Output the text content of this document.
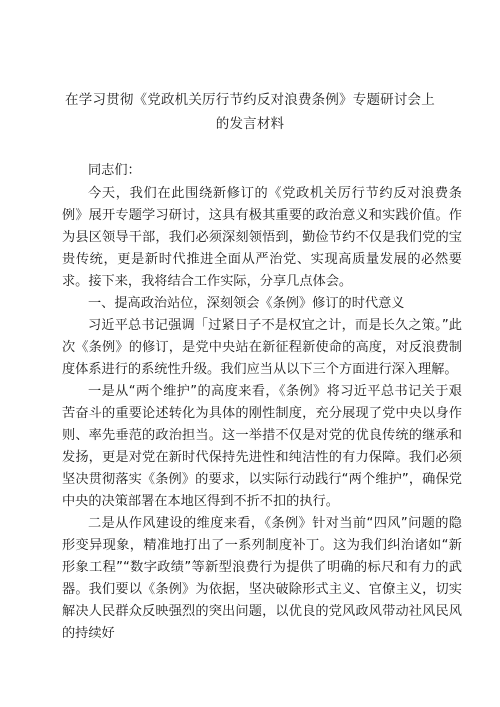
在学习贯彻《党政机关厉行节约反对浪费条例》专题研讨会上的发言材料

同志们：

今天，我们在此围绕新修订的《党政机关厉行节约反对浪费条例》展开专题学习研讨，这具有极其重要的政治意义和实践价值。作为县区领导干部，我们必须深刻领悟到，勤俭节约不仅是我们党的宝贵传统，更是新时代推进全面从严治党、实现高质量发展的必然要求。接下来，我将结合工作实际，分享几点体会。

一、提高政治站位，深刻领会《条例》修订的时代意义

习近平总书记强调「过紧日子不是权宜之计，而是长久之策。”此次《条例》的修订，是党中央站在新征程新使命的高度，对反浪费制度体系进行的系统性升级。我们应当从以下三个方面进行深入理解。

一是从“两个维护”的高度来看，《条例》将习近平总书记关于艰苦奋斗的重要论述转化为具体的刚性制度，充分展现了党中央以身作则、率先垂范的政治担当。这一举措不仅是对党的优良传统的继承和发扬，更是对党在新时代保持先进性和纯洁性的有力保障。我们必须坚决贯彻落实《条例》的要求，以实际行动践行“两个维护”，确保党中央的决策部署在本地区得到不折不扣的执行。

二是从作风建设的维度来看，《条例》针对当前“四风”问题的隐形变异现象，精准地打出了一系列制度补丁。这为我们纠治诸如“新形象工程”“数字政绩”等新型浪费行为提供了明确的标尺和有力的武器。我们要以《条例》为依据，坚决破除形式主义、官僚主义，切实解决人民群众反映强烈的突出问题，以优良的党风政风带动社风民风的持续好
